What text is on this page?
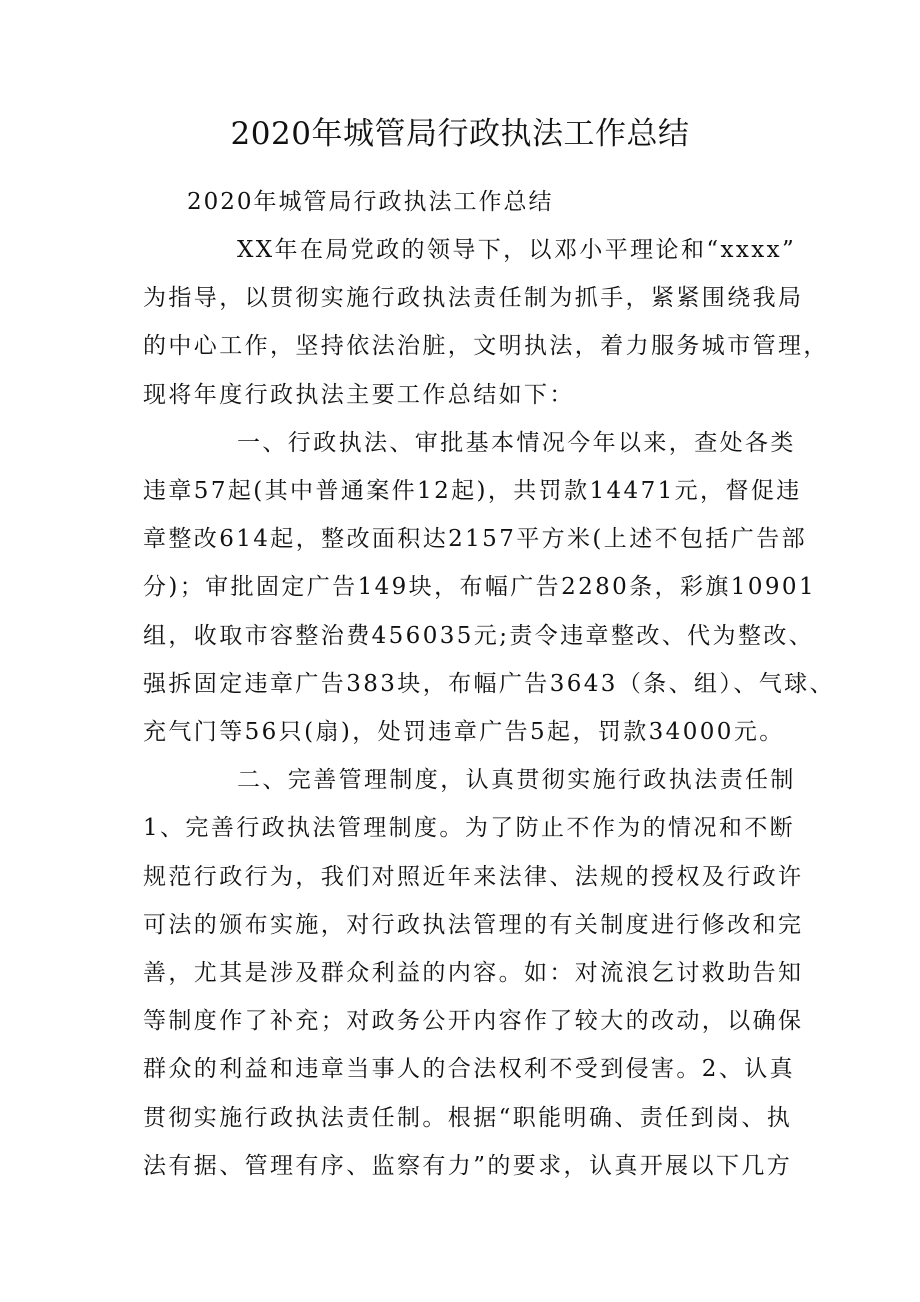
2020年城管局行政执法工作总结
2020年城管局行政执法工作总结
XX年在局党政的领导下，以邓小平理论和“xxxx”
为指导，以贯彻实施行政执法责任制为抓手，紧紧围绕我局
的中心工作，坚持依法治脏，文明执法，着力服务城市管理，
现将年度行政执法主要工作总结如下：
一、行政执法、审批基本情况今年以来，查处各类
违章57起(其中普通案件12起)，共罚款14471元，督促违
章整改614起，整改面积达2157平方米(上述不包括广告部
分)；审批固定广告149块，布幅广告2280条，彩旗10901
组，收取市容整治费456035元;责令违章整改、代为整改、
强拆固定违章广告383块，布幅广告3643（条、组）、气球、
充气门等56只(扇)，处罚违章广告5起，罚款34000元。
二、完善管理制度，认真贯彻实施行政执法责任制
1、完善行政执法管理制度。为了防止不作为的情况和不断
规范行政行为，我们对照近年来法律、法规的授权及行政许
可法的颁布实施，对行政执法管理的有关制度进行修改和完
善，尤其是涉及群众利益的内容。如：对流浪乞讨救助告知
等制度作了补充；对政务公开内容作了较大的改动，以确保
群众的利益和违章当事人的合法权利不受到侵害。2、认真
贯彻实施行政执法责任制。根据“职能明确、责任到岗、执
法有据、管理有序、监察有力”的要求，认真开展以下几方
